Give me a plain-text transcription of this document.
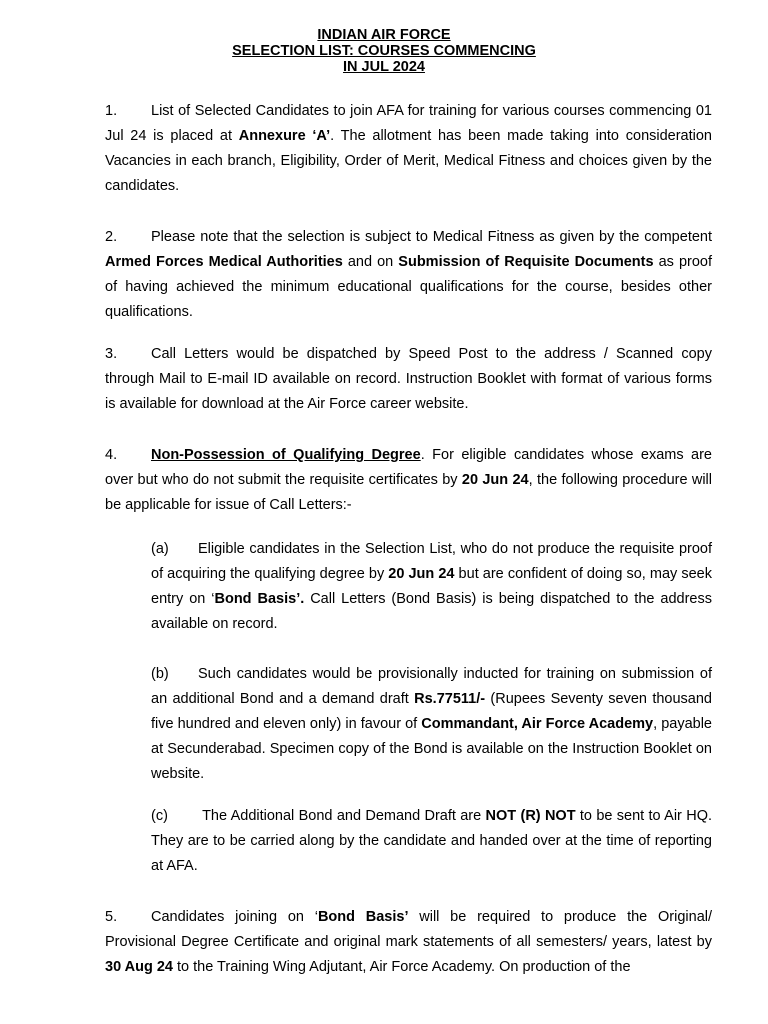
INDIAN AIR FORCE
SELECTION LIST: COURSES COMMENCING
IN JUL 2024
1. List of Selected Candidates to join AFA for training for various courses commencing 01 Jul 24 is placed at Annexure ‘A’. The allotment has been made taking into consideration Vacancies in each branch, Eligibility, Order of Merit, Medical Fitness and choices given by the candidates.
2. Please note that the selection is subject to Medical Fitness as given by the competent Armed Forces Medical Authorities and on Submission of Requisite Documents as proof of having achieved the minimum educational qualifications for the course, besides other qualifications.
3. Call Letters would be dispatched by Speed Post to the address / Scanned copy through Mail to E-mail ID available on record. Instruction Booklet with format of various forms is available for download at the Air Force career website.
4. Non-Possession of Qualifying Degree. For eligible candidates whose exams are over but who do not submit the requisite certificates by 20 Jun 24, the following procedure will be applicable for issue of Call Letters:-
(a) Eligible candidates in the Selection List, who do not produce the requisite proof of acquiring the qualifying degree by 20 Jun 24 but are confident of doing so, may seek entry on ‘Bond Basis’. Call Letters (Bond Basis) is being dispatched to the address available on record.
(b) Such candidates would be provisionally inducted for training on submission of an additional Bond and a demand draft Rs.77511/- (Rupees Seventy seven thousand five hundred and eleven only) in favour of Commandant, Air Force Academy, payable at Secunderabad. Specimen copy of the Bond is available on the Instruction Booklet on website.
(c) The Additional Bond and Demand Draft are NOT (R) NOT to be sent to Air HQ. They are to be carried along by the candidate and handed over at the time of reporting at AFA.
5. Candidates joining on ‘Bond Basis’ will be required to produce the Original/ Provisional Degree Certificate and original mark statements of all semesters/ years, latest by 30 Aug 24 to the Training Wing Adjutant, Air Force Academy. On production of the
